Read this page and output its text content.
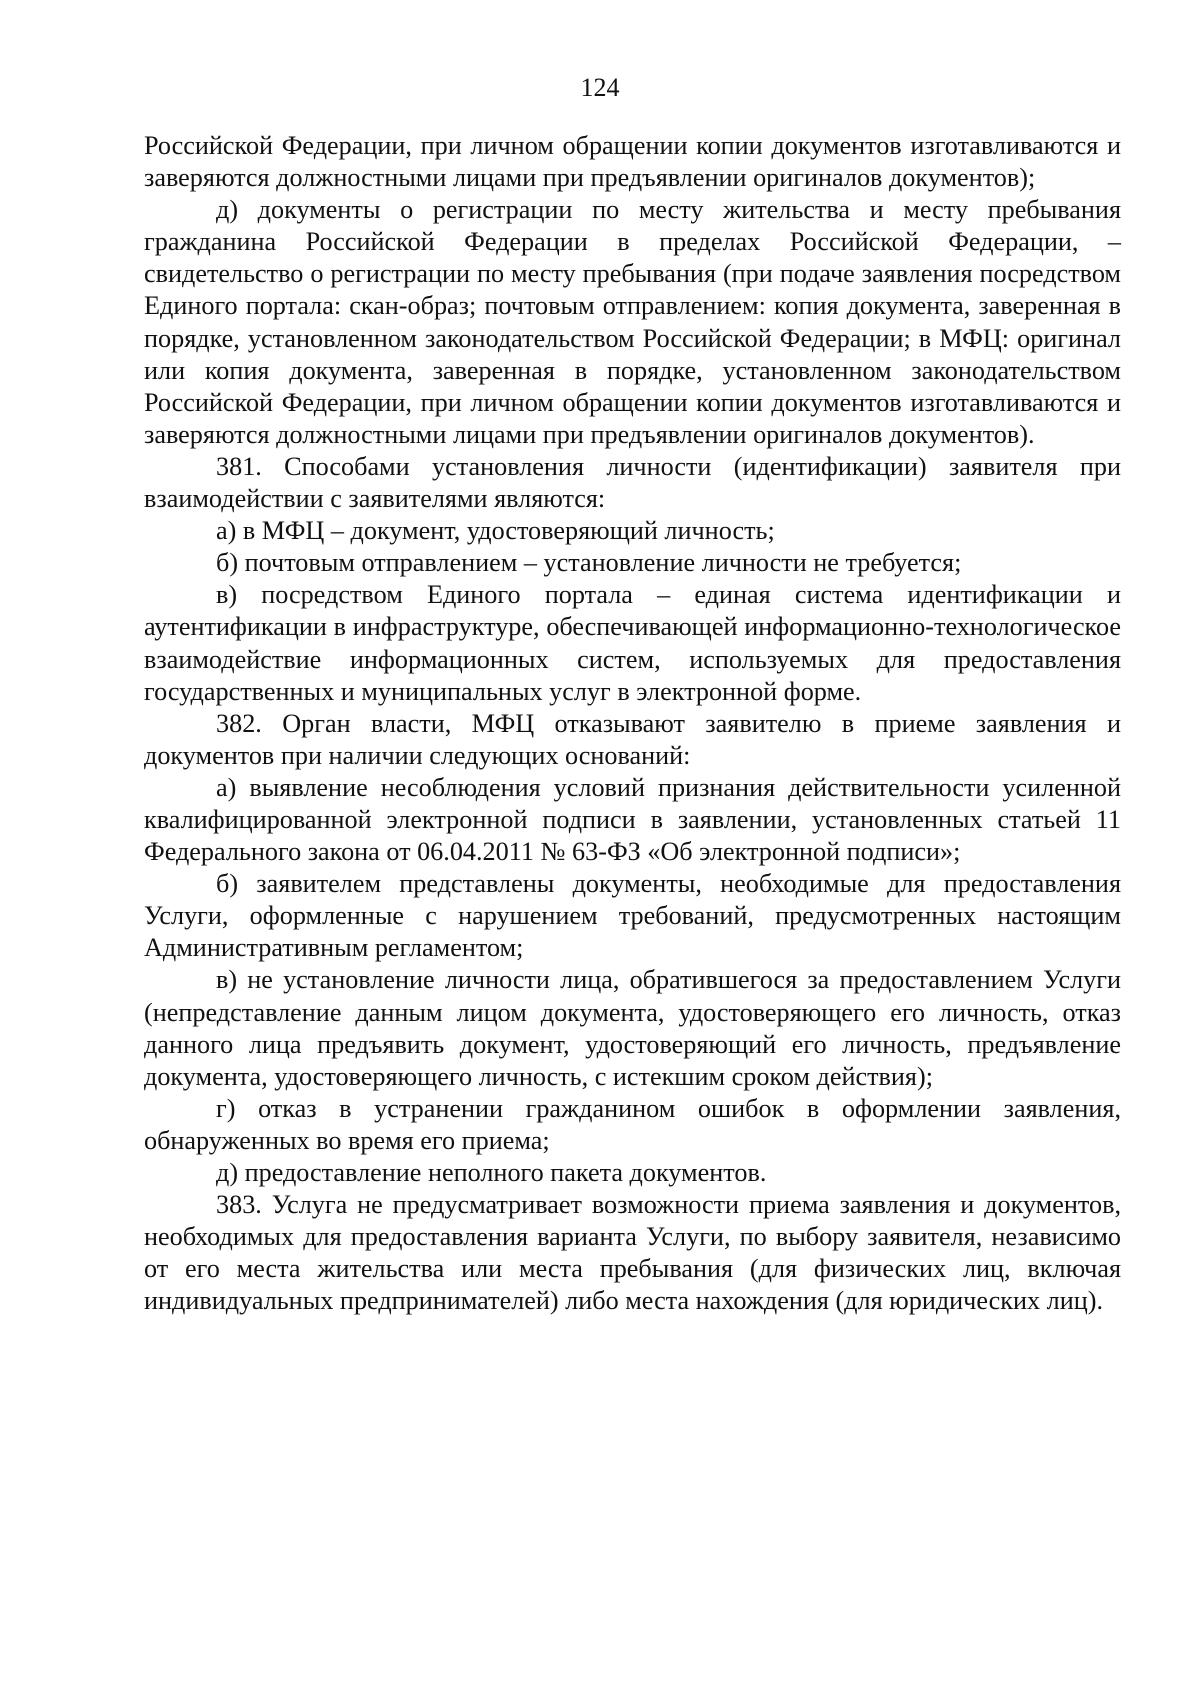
124

Российской Федерации, при личном обращении копии документов изготавливаются и заверяются должностными лицами при предъявлении оригиналов документов);

д) документы о регистрации по месту жительства и месту пребывания гражданина Российской Федерации в пределах Российской Федерации, – свидетельство о регистрации по месту пребывания (при подаче заявления посредством Единого портала: скан-образ; почтовым отправлением: копия документа, заверенная в порядке, установленном законодательством Российской Федерации; в МФЦ: оригинал или копия документа, заверенная в порядке, установленном законодательством Российской Федерации, при личном обращении копии документов изготавливаются и заверяются должностными лицами при предъявлении оригиналов документов).

381. Способами установления личности (идентификации) заявителя при взаимодействии с заявителями являются:

а) в МФЦ – документ, удостоверяющий личность;

б) почтовым отправлением – установление личности не требуется;

в) посредством Единого портала – единая система идентификации и аутентификации в инфраструктуре, обеспечивающей информационно-технологическое взаимодействие информационных систем, используемых для предоставления государственных и муниципальных услуг в электронной форме.

382. Орган власти, МФЦ отказывают заявителю в приеме заявления и документов при наличии следующих оснований:

а) выявление несоблюдения условий признания действительности усиленной квалифицированной электронной подписи в заявлении, установленных статьей 11 Федерального закона от 06.04.2011 № 63-ФЗ «Об электронной подписи»;

б) заявителем представлены документы, необходимые для предоставления Услуги, оформленные с нарушением требований, предусмотренных настоящим Административным регламентом;

в) не установление личности лица, обратившегося за предоставлением Услуги (непредставление данным лицом документа, удостоверяющего его личность, отказ данного лица предъявить документ, удостоверяющий его личность, предъявление документа, удостоверяющего личность, с истекшим сроком действия);

г) отказ в устранении гражданином ошибок в оформлении заявления, обнаруженных во время его приема;

д) предоставление неполного пакета документов.

383. Услуга не предусматривает возможности приема заявления и документов, необходимых для предоставления варианта Услуги, по выбору заявителя, независимо от его места жительства или места пребывания (для физических лиц, включая индивидуальных предпринимателей) либо места нахождения (для юридических лиц).
